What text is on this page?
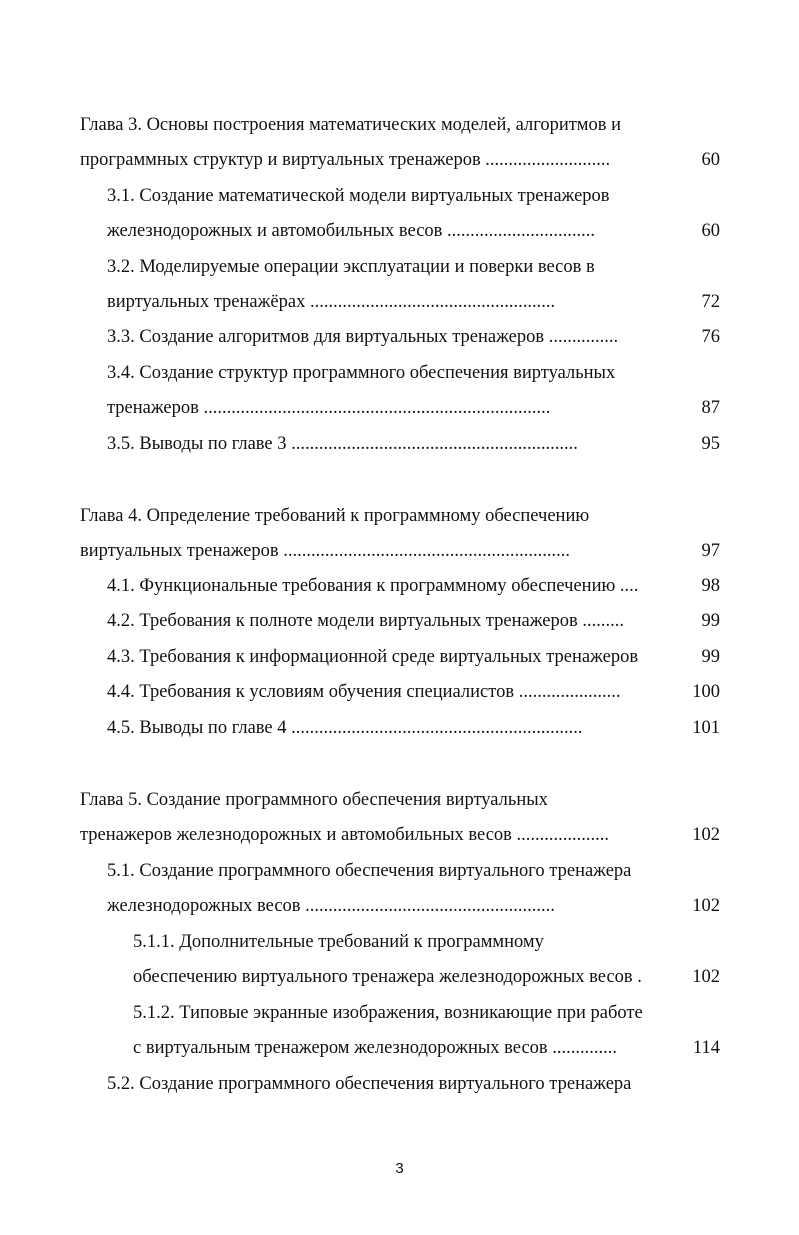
Глава 3. Основы построения математических моделей, алгоритмов и
программных структур и виртуальных тренажеров ...........................	60
3.1. Создание математической модели виртуальных тренажеров
железнодорожных и автомобильных весов ................................	60
3.2. Моделируемые операции эксплуатации и поверки весов в
виртуальных тренажёрах .....................................................	72
3.3. Создание алгоритмов для виртуальных тренажеров ...............	76
3.4. Создание структур программного обеспечения виртуальных
тренажеров ...........................................................................	87
3.5. Выводы по главе 3 ..............................................................	95
Глава 4. Определение требований к программному обеспечению
виртуальных тренажеров ..............................................................	97
4.1. Функциональные требования к программному обеспечению ....	98
4.2. Требования к полноте модели виртуальных тренажеров .........	99
4.3. Требования к информационной среде виртуальных тренажеров	99
4.4. Требования к условиям обучения специалистов ......................	100
4.5. Выводы по главе 4 ...............................................................	101
Глава 5. Создание программного обеспечения виртуальных
тренажеров железнодорожных и автомобильных весов ....................	102
5.1. Создание программного обеспечения виртуального тренажера
железнодорожных весов ......................................................	102
5.1.1. Дополнительные требований к программному
обеспечению виртуального тренажера железнодорожных весов .	102
5.1.2. Типовые экранные изображения, возникающие при работе
с виртуальным тренажером железнодорожных весов ..............	114
5.2. Создание программного обеспечения виртуального тренажера
3
